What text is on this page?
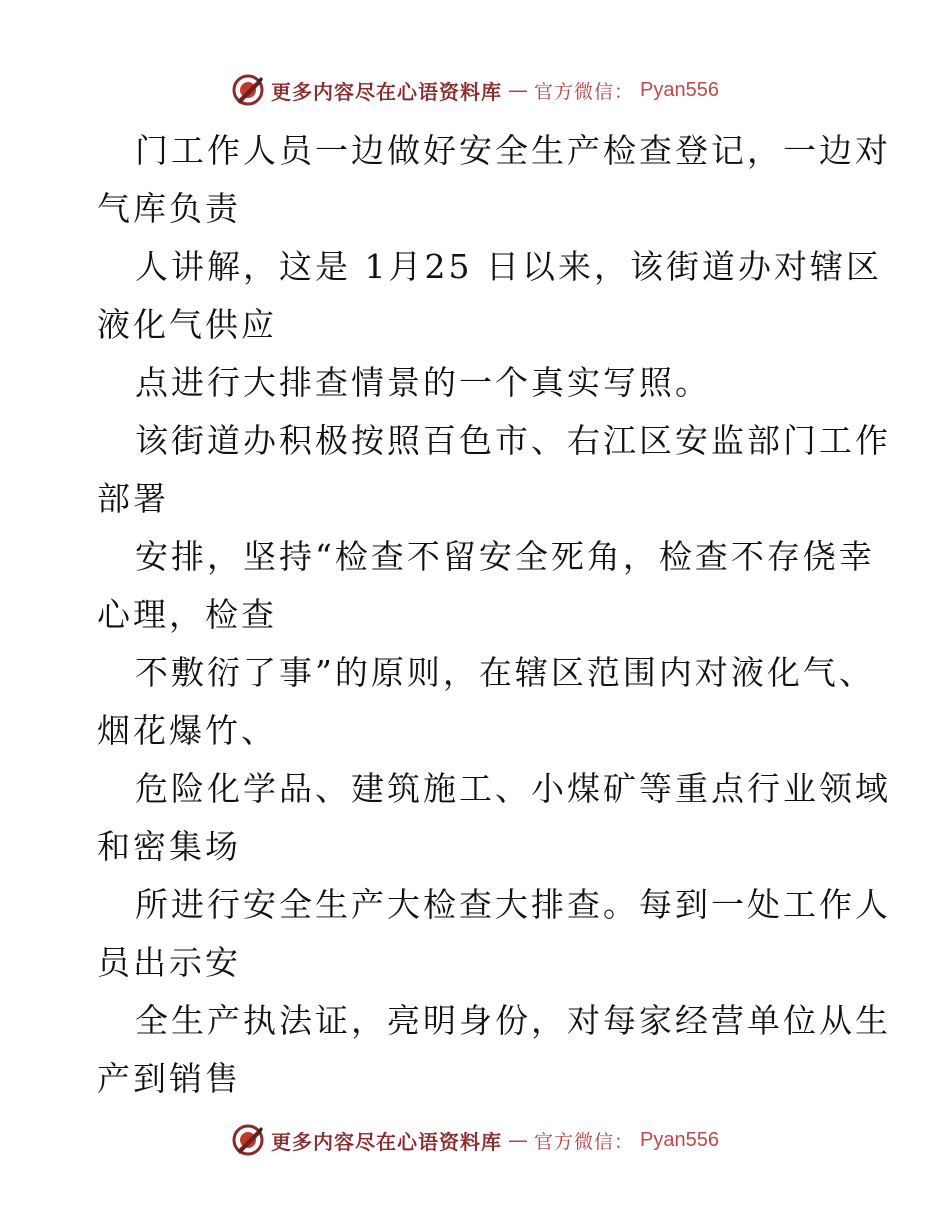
更多内容尽在心语资料库 — 官方微信： Pyan556
门工作人员一边做好安全生产检查登记，一边对
气库负责
人讲解，这是 1月25 日以来，该街道办对辖区
液化气供应
点进行大排查情景的一个真实写照。
该街道办积极按照百色市、右江区安监部门工作
部署
安排，坚持“检查不留安全死角，检查不存侥幸
心理，检查
不敷衍了事”的原则，在辖区范围内对液化气、
烟花爆竹、
危险化学品、建筑施工、小煤矿等重点行业领域
和密集场
所进行安全生产大检查大排查。每到一处工作人
员出示安
全生产执法证，亮明身份，对每家经营单位从生
产到销售
更多内容尽在心语资料库 — 官方微信： Pyan556
